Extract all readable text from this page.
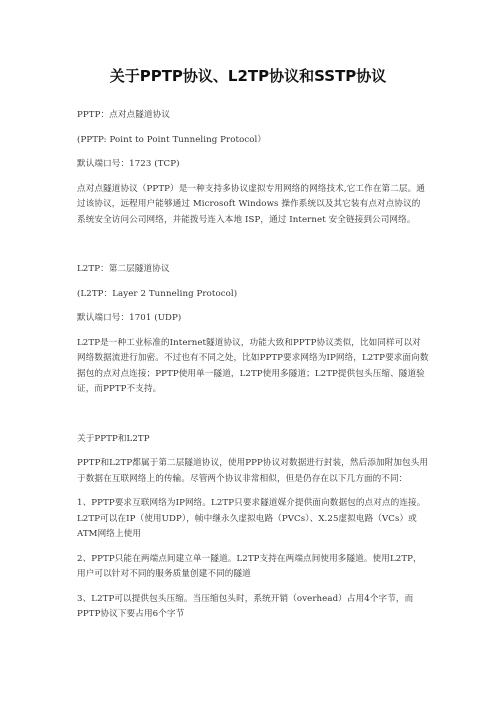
关于PPTP协议、L2TP协议和SSTP协议

PPTP：点对点隧道协议

(PPTP: Point to Point Tunneling Protocol）

默认端口号：1723 (TCP)

点对点隧道协议（PPTP）是一种支持多协议虚拟专用网络的网络技术,它工作在第二层。通过该协议，远程用户能够通过 Microsoft Windows 操作系统以及其它装有点对点协议的系统安全访问公司网络，并能拨号连入本地 ISP，通过 Internet 安全链接到公司网络。

L2TP：第二层隧道协议

(L2TP：Layer 2 Tunneling Protocol)

默认端口号：1701 (UDP)

L2TP是一种工业标准的Internet隧道协议，功能大致和PPTP协议类似，比如同样可以对网络数据流进行加密。不过也有不同之处，比如PPTP要求网络为IP网络，L2TP要求面向数据包的点对点连接；PPTP使用单一隧道，L2TP使用多隧道；L2TP提供包头压缩、隧道验证，而PPTP不支持。

关于PPTP和L2TP

PPTP和L2TP都属于第二层隧道协议，使用PPP协议对数据进行封装，然后添加附加包头用于数据在互联网络上的传输。尽管两个协议非常相似，但是仍存在以下几方面的不同：

1、PPTP要求互联网络为IP网络。L2TP只要求隧道媒介提供面向数据包的点对点的连接。L2TP可以在IP（使用UDP），帧中继永久虚拟电路（PVCs）、X.25虚拟电路（VCs）或ATM网络上使用

2、PPTP只能在两端点间建立单一隧道。L2TP支持在两端点间使用多隧道。使用L2TP，用户可以针对不同的服务质量创建不同的隧道

3、L2TP可以提供包头压缩。当压缩包头时，系统开销（overhead）占用4个字节，而PPTP协议下要占用6个字节
